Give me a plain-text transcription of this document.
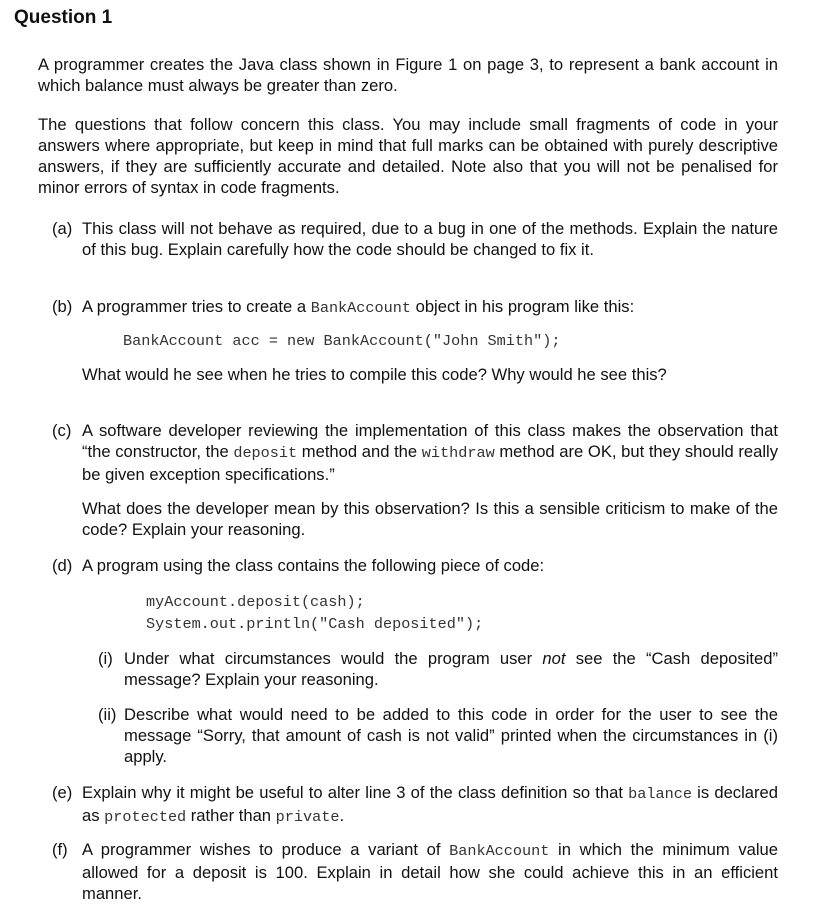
Question 1

A programmer creates the Java class shown in Figure 1 on page 3, to represent a bank account in which balance must always be greater than zero.

The questions that follow concern this class. You may include small fragments of code in your answers where appropriate, but keep in mind that full marks can be obtained with purely descriptive answers, if they are sufficiently accurate and detailed. Note also that you will not be penalised for minor errors of syntax in code fragments.

(a) This class will not behave as required, due to a bug in one of the methods. Explain the nature of this bug. Explain carefully how the code should be changed to fix it.

(b) A programmer tries to create a BankAccount object in his program like this:

BankAccount acc = new BankAccount("John Smith");

What would he see when he tries to compile this code? Why would he see this?

(c) A software developer reviewing the implementation of this class makes the observation that “the constructor, the deposit method and the withdraw method are OK, but they should really be given exception specifications.”

What does the developer mean by this observation? Is this a sensible criticism to make of the code? Explain your reasoning.

(d) A program using the class contains the following piece of code:

myAccount.deposit(cash);
System.out.println("Cash deposited");
(i) Under what circumstances would the program user not see the “Cash deposited” message? Explain your reasoning.

(ii) Describe what would need to be added to this code in order for the user to see the message “Sorry, that amount of cash is not valid” printed when the circumstances in (i) apply.

(e) Explain why it might be useful to alter line 3 of the class definition so that balance is declared as protected rather than private.

(f) A programmer wishes to produce a variant of BankAccount in which the minimum value allowed for a deposit is 100. Explain in detail how she could achieve this in an efficient manner.
